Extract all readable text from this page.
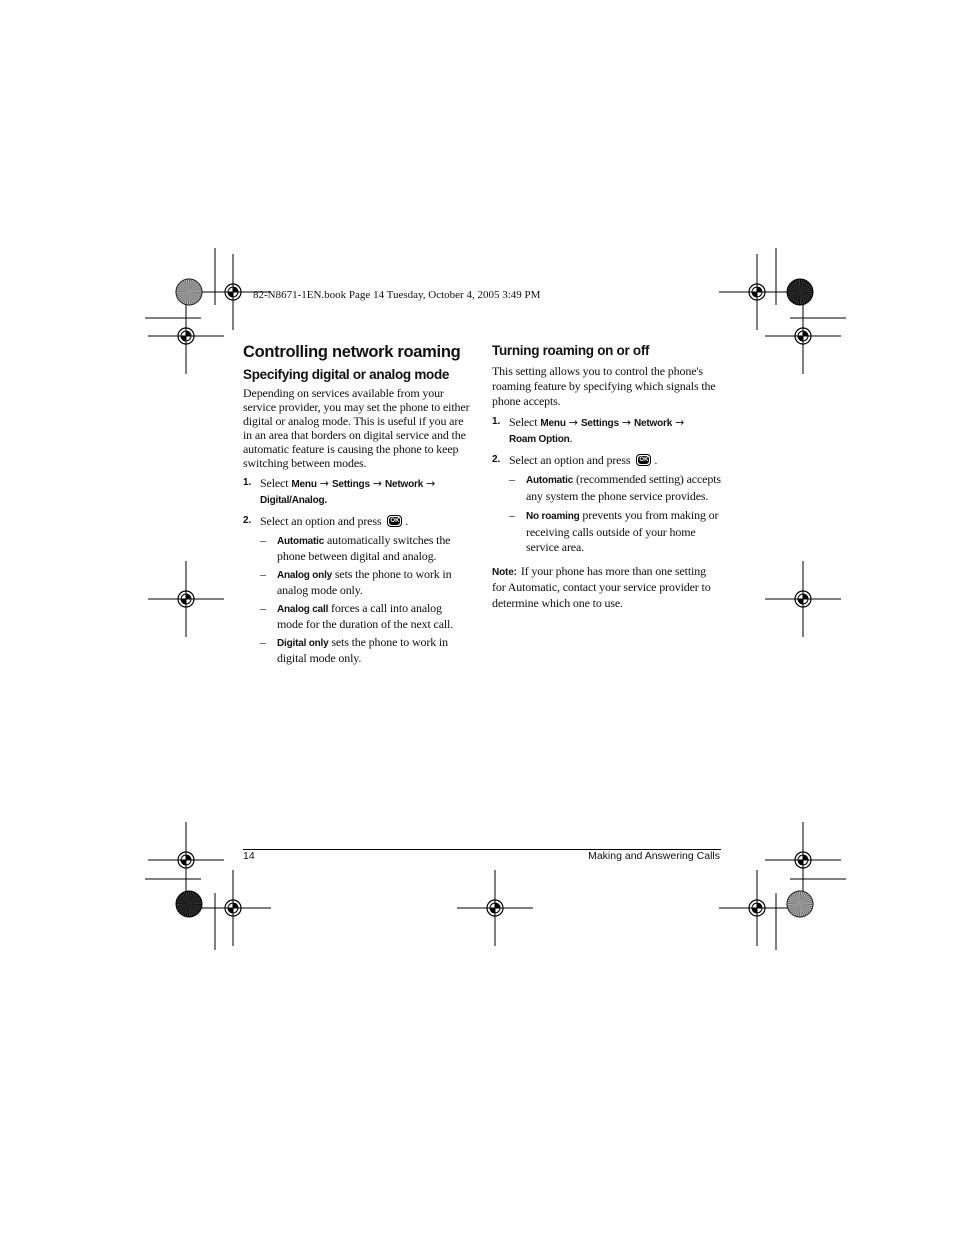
82-N8671-1EN.book Page 14 Tuesday, October 4, 2005 3:49 PM
Controlling network roaming
Specifying digital or analog mode

Depending on services available from your service provider, you may set the phone to either digital or analog mode. This is useful if you are in an area that borders on digital service and the automatic feature is causing the phone to keep switching between modes.

1. Select Menu → Settings → Network →
Digital/Analog.
2. Select an option and press OK .
– Automatic automatically switches the phone between digital and analog.
– Analog only sets the phone to work in analog mode only.
– Analog call forces a call into analog mode for the duration of the next call.
– Digital only sets the phone to work in digital mode only.
Turning roaming on or off

This setting allows you to control the phone's roaming feature by specifying which signals the phone accepts.

1. Select Menu → Settings → Network →
Roam Option.
2. Select an option and press OK .
– Automatic (recommended setting) accepts any system the phone service provides.
– No roaming prevents you from making or receiving calls outside of your home service area.

Note: If your phone has more than one setting for Automatic, contact your service provider to determine which one to use.

14	Making and Answering Calls
